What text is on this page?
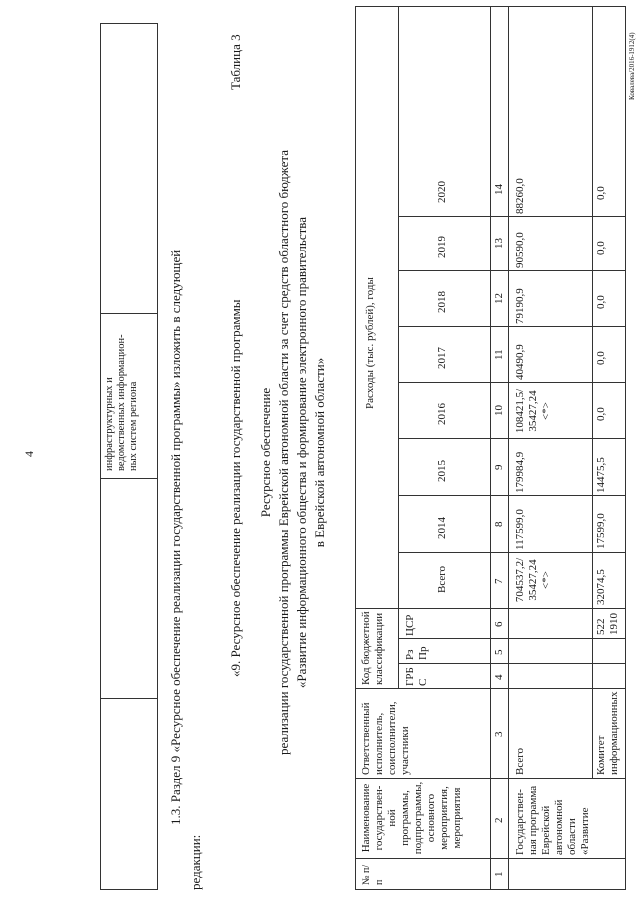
4	инфраструктурных и ведомственных информацион-ных систем региона 1.3. Раздел 9 «Ресурсное обеспечение реализации государственной программы» изложить в следующей
редакции:
«9. Ресурсное обеспечение реализации государственной программы
Таблица 3
Ресурсное обеспечение реализации государственной программы Еврейской автономной области за счет средств областного бюджета «Развитие информационного общества и формирование электронного правительства в Еврейской автономной области»
№ п/п
Наименование государствен-ной программы, подпрограммы, основного мероприятия, мероприятия
Ответственный исполнитель, соисполнители, участники
Код бюджетной классификации ГРБ С
Рз Пр
ЦСР
Расходы (тыс. рублей), годы
Всего
2014
2015
2016
2017
2018
2019
2020
1
2
3
4
5
6
7
8
9
10
11
12
13
14
Государствен-ная программа Еврейской автономной области «Развитие
Всего
704537,2/ 35427,24 <*>
117599,0
179984,9
108421,5/ 35427,24 <*>
40490,9
79190,9
90590,0
88260,0
Комитет информационных
522 1910
32074,5
17599,0
14475,5
0,0
0,0
0,0
0,0
0,0
Ковалева/2016-1912(4)
